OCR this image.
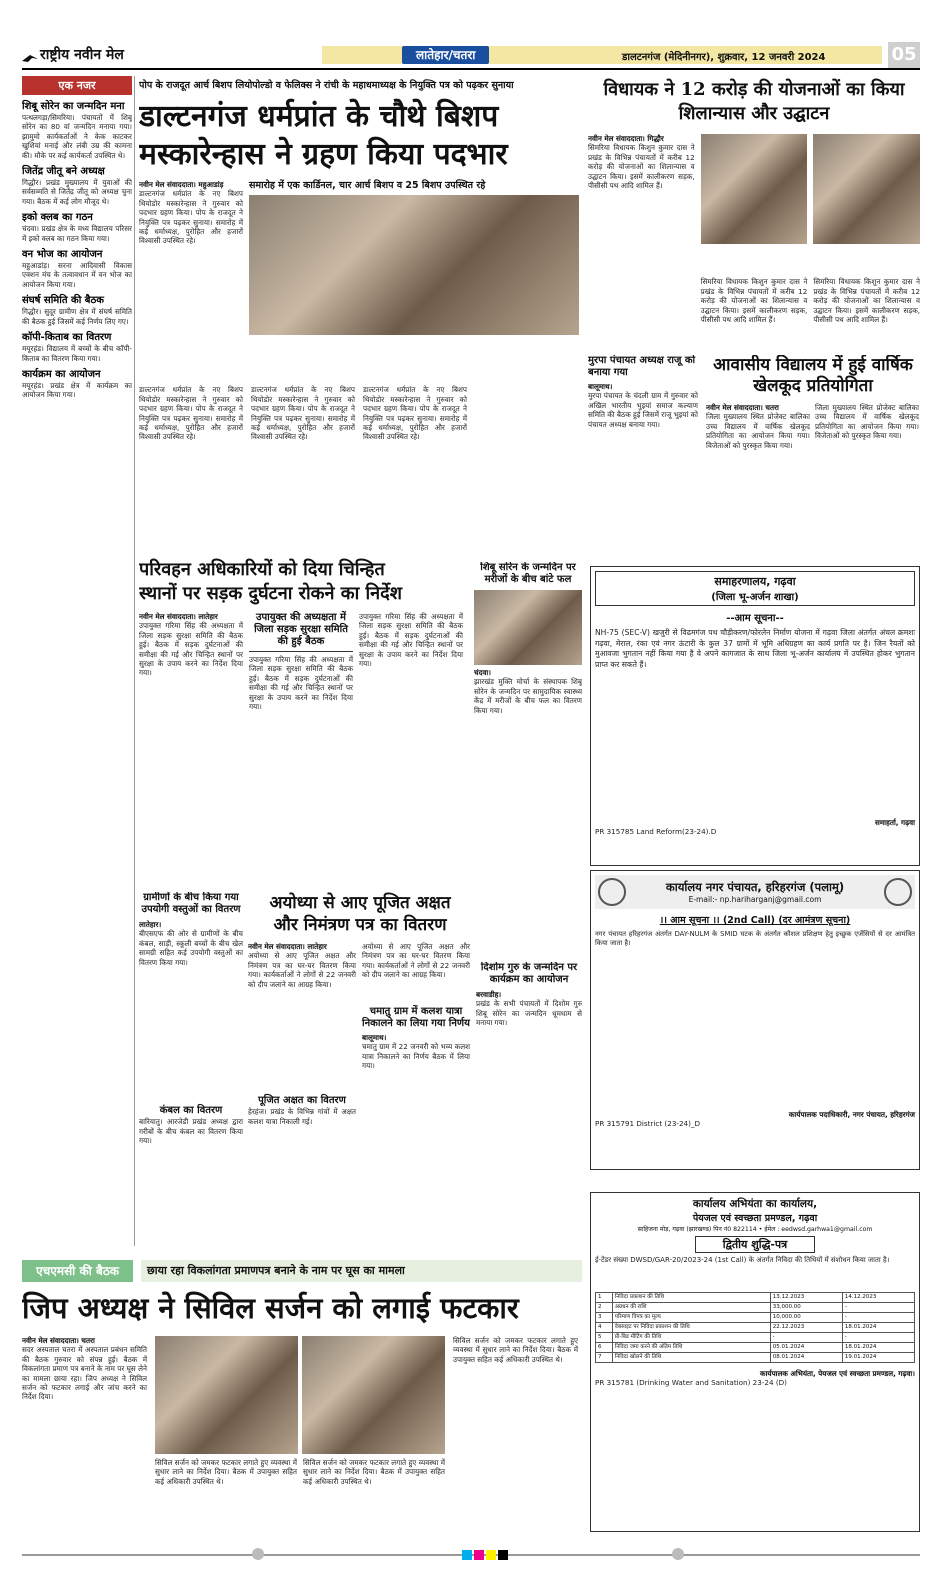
राष्ट्रीय नवीन मेल	लातेहार/चतरा	डालटनगंज (मेदिनीनगर), शुक्रवार, 12 जनवरी 2024	05
एक नजर
शिबू सोरेन का जन्मदिन मना
पत्थलगड़ा/सिमरिया। पंचायतों में शिबू सोरेन का 80 वां जन्मदिन मनाया गया। झामुमो कार्यकर्ताओं ने केक काटकर खुशियां मनाई और लंबी उम्र की कामना की। मौके पर कई कार्यकर्ता उपस्थित थे।
जितेंद्र जीतू बने अध्यक्ष
गिद्धौर। प्रखंड मुख्यालय में युवाओं की सर्वसम्मति से जितेंद्र जीतू को अध्यक्ष चुना गया। बैठक में कई लोग मौजूद थे।
इको क्लब का गठन
चंदवा। प्रखंड क्षेत्र के मध्य विद्यालय परिसर में इको क्लब का गठन किया गया।
वन भोज का आयोजन
महुआडांड़। सरना आदिवासी विकास एक्शन मंच के तत्वावधान में वन भोज का आयोजन किया गया।
संघर्ष समिति की बैठक
गिद्धौर। सुदूर ग्रामीण क्षेत्र में संघर्ष समिति की बैठक हुई जिसमें कई निर्णय लिए गए।
कॉपी-किताब का वितरण
मयूरहंड। विद्यालय में बच्चों के बीच कॉपी-किताब का वितरण किया गया।
कार्यक्रम का आयोजन
मयूरहंड। प्रखंड क्षेत्र में कार्यक्रम का आयोजन किया गया।
पोप के राजदूत आर्च बिशप लियोपोल्डो व फेलिक्स ने रांची के महाधमाध्यक्ष के नियुक्ति पत्र को पढ़कर सुनाया
डाल्टनगंज धर्मप्रांत के चौथे बिशप
मस्कारेन्हास ने ग्रहण किया पदभार
नवीन मेल संवाददाता। महुआडांड़
डाल्टनगंज धर्मप्रांत के नए बिशप थियोडोर मस्कारेन्हास ने गुरुवार को पदभार ग्रहण किया। पोप के राजदूत ने नियुक्ति पत्र पढ़कर सुनाया। समारोह में कई धर्माध्यक्ष, पुरोहित और हजारों विश्वासी उपस्थित रहे।
समारोह में एक कार्डिनल, चार आर्च बिशप व 25 बिशप उपस्थित रहे
डाल्टनगंज धर्मप्रांत के नए बिशप थियोडोर मस्कारेन्हास ने गुरुवार को पदभार ग्रहण किया। पोप के राजदूत ने नियुक्ति पत्र पढ़कर सुनाया। समारोह में कई धर्माध्यक्ष, पुरोहित और हजारों विश्वासी उपस्थित रहे।
डाल्टनगंज धर्मप्रांत के नए बिशप थियोडोर मस्कारेन्हास ने गुरुवार को पदभार ग्रहण किया। पोप के राजदूत ने नियुक्ति पत्र पढ़कर सुनाया। समारोह में कई धर्माध्यक्ष, पुरोहित और हजारों विश्वासी उपस्थित रहे।
डाल्टनगंज धर्मप्रांत के नए बिशप थियोडोर मस्कारेन्हास ने गुरुवार को पदभार ग्रहण किया। पोप के राजदूत ने नियुक्ति पत्र पढ़कर सुनाया। समारोह में कई धर्माध्यक्ष, पुरोहित और हजारों विश्वासी उपस्थित रहे।
विधायक ने 12 करोड़ की योजनाओं का किया शिलान्यास और उद्घाटन
नवीन मेल संवाददाता। गिद्धौर
सिमरिया विधायक किशुन कुमार दास ने प्रखंड के विभिन्न पंचायतों में करीब 12 करोड़ की योजनाओं का शिलान्यास व उद्घाटन किया। इसमें कालीकरण सड़क, पीसीसी पथ आदि शामिल हैं।
सिमरिया विधायक किशुन कुमार दास ने प्रखंड के विभिन्न पंचायतों में करीब 12 करोड़ की योजनाओं का शिलान्यास व उद्घाटन किया। इसमें कालीकरण सड़क, पीसीसी पथ आदि शामिल हैं।
सिमरिया विधायक किशुन कुमार दास ने प्रखंड के विभिन्न पंचायतों में करीब 12 करोड़ की योजनाओं का शिलान्यास व उद्घाटन किया। इसमें कालीकरण सड़क, पीसीसी पथ आदि शामिल हैं।
मुरपा पंचायत अध्यक्ष राजू को बनाया गया
बालूमाथ।
मुरपा पंचायत के चंदली ग्राम में गुरुवार को अखिल भारतीय भुइयां समाज कल्याण समिति की बैठक हुई जिसमें राजू भुइयां को पंचायत अध्यक्ष बनाया गया।
आवासीय विद्यालय में हुई वार्षिक खेलकूद प्रतियोगिता
नवीन मेल संवाददाता। चतरा
जिला मुख्यालय स्थित प्रोजेक्ट बालिका उच्च विद्यालय में वार्षिक खेलकूद प्रतियोगिता का आयोजन किया गया। विजेताओं को पुरस्कृत किया गया।
जिला मुख्यालय स्थित प्रोजेक्ट बालिका उच्च विद्यालय में वार्षिक खेलकूद प्रतियोगिता का आयोजन किया गया। विजेताओं को पुरस्कृत किया गया।
परिवहन अधिकारियों को दिया चिन्हित
स्थानों पर सड़क दुर्घटना रोकने का निर्देश
नवीन मेल संवाददाता। लातेहार
उपायुक्त गरिमा सिंह की अध्यक्षता में जिला सड़क सुरक्षा समिति की बैठक हुई। बैठक में सड़क दुर्घटनाओं की समीक्षा की गई और चिन्हित स्थानों पर सुरक्षा के उपाय करने का निर्देश दिया गया।
उपायुक्त की अध्यक्षता में जिला सड़क सुरक्षा समिति की हुई बैठक
उपायुक्त गरिमा सिंह की अध्यक्षता में जिला सड़क सुरक्षा समिति की बैठक हुई। बैठक में सड़क दुर्घटनाओं की समीक्षा की गई और चिन्हित स्थानों पर सुरक्षा के उपाय करने का निर्देश दिया गया।
उपायुक्त गरिमा सिंह की अध्यक्षता में जिला सड़क सुरक्षा समिति की बैठक हुई। बैठक में सड़क दुर्घटनाओं की समीक्षा की गई और चिन्हित स्थानों पर सुरक्षा के उपाय करने का निर्देश दिया गया।
शिबू सोरेन के जन्मदिन पर मरीजों के बीच बांटे फल
चंदवा।
झारखंड मुक्ति मोर्चा के संस्थापक शिबू सोरेन के जन्मदिन पर सामुदायिक स्वास्थ्य केंद्र में मरीजों के बीच फल का वितरण किया गया।
ग्रामीणों के बीच किया गया उपयोगी वस्तुओं का वितरण
लातेहार।
बीएसएफ की ओर से ग्रामीणों के बीच कंबल, साड़ी, स्कूली बच्चों के बीच खेल सामग्री सहित कई उपयोगी वस्तुओं का वितरण किया गया।
कंबल का वितरण
बारियातु। आरजेडी प्रखंड अध्यक्ष द्वारा गरीबों के बीच कंबल का वितरण किया गया।
अयोध्या से आए पूजित अक्षत
और निमंत्रण पत्र का वितरण
नवीन मेल संवाददाता। लातेहार
अयोध्या से आए पूजित अक्षत और निमंत्रण पत्र का घर-घर वितरण किया गया। कार्यकर्ताओं ने लोगों से 22 जनवरी को दीप जलाने का आग्रह किया।
पूजित अक्षत का वितरण
हेरहंज। प्रखंड के विभिन्न गांवों में अक्षत कलश यात्रा निकाली गई।
अयोध्या से आए पूजित अक्षत और निमंत्रण पत्र का घर-घर वितरण किया गया। कार्यकर्ताओं ने लोगों से 22 जनवरी को दीप जलाने का आग्रह किया।
चमातु ग्राम में कलश यात्रा निकालने का लिया गया निर्णय
बालूमाथ।
चमातु ग्राम में 22 जनवरी को भव्य कलश यात्रा निकालने का निर्णय बैठक में लिया गया।
दिशोम गुरु के जन्मदिन पर कार्यक्रम का आयोजन
बरवाडीह।
प्रखंड के सभी पंचायतों में दिशोम गुरु शिबू सोरेन का जन्मदिन धूमधाम से मनाया गया।
समाहरणालय, गढ़वा
(जिला भू-अर्जन शाखा)
--आम सूचना--
NH-75 (SEC-V) खजुरी से विढमगंज पथ चौड़ीकरण/फोरलेन निर्माण योजना में गढ़वा जिला अंतर्गत अंचल क्रमशः गढ़वा, मेराल, रंका एवं नगर ऊंटारी के कुल 37 ग्रामों में भूमि अधिग्रहण का कार्य प्रगति पर है। जिन रैयतों को मुआवजा भुगतान नहीं किया गया है वे अपने कागजात के साथ जिला भू-अर्जन कार्यालय में उपस्थित होकर भुगतान प्राप्त कर सकते हैं।
समाहर्ता, गढ़वा
PR 315785 Land Reform(23-24).D
कार्यालय नगर पंचायत, हरिहरगंज (पलामू)
E-mail:- np.hariharganj@gmail.com
।। आम सूचना ।। (2nd Call) (दर आमंत्रण सूचना)
नगर पंचायत हरिहरगंज अंतर्गत DAY-NULM के SMID घटक के अंतर्गत कौशल प्रशिक्षण हेतु इच्छुक एजेंसियों से दर आमंत्रित किया जाता है।
कार्यपालक पदाधिकारी, नगर पंचायत, हरिहरगंज
PR 315791 District (23-24)_D
कार्यालय अभियंता का कार्यालय,
पेयजल एवं स्वच्छता प्रमण्डल, गढ़वा
साहिजना मोड़, गढ़वा (झारखण्ड) पिन नं0 822114 • ईमेल : eedwsd.garhwa1@gmail.com
द्वितीय शुद्धि-पत्र
ई-टेंडर संख्या DWSD/GAR-20/2023-24 (1st Call) के अंतर्गत निविदा की तिथियों में संशोधन किया जाता है।
1	निविदा प्रकाशन की तिथि	13.12.2023	14.12.2023
2	अग्रधन की राशि	33,000.00	-
3	परिमाण विपत्र का मूल्य	10,000.00	-
4	वेबसाइट पर निविदा प्रकाशन की तिथि	22.12.2023	18.01.2024
5	प्री-बिड मीटिंग की तिथि	-	-
6	निविदा जमा करने की अंतिम तिथि	05.01.2024	18.01.2024
7	निविदा खोलने की तिथि	08.01.2024	19.01.2024
कार्यपालक अभियंता, पेयजल एवं स्वच्छता प्रमण्डल, गढ़वा।
PR 315781 (Drinking Water and Sanitation) 23-24 (D)
एचएमसी की बैठक	छाया रहा विकलांगता प्रमाणपत्र बनाने के नाम पर घूस का मामला
जिप अध्यक्ष ने सिविल सर्जन को लगाई फटकार
नवीन मेल संवाददाता। चतरा
सदर अस्पताल चतरा में अस्पताल प्रबंधन समिति की बैठक गुरुवार को संपन्न हुई। बैठक में विकलांगता प्रमाण पत्र बनाने के नाम पर घूस लेने का मामला छाया रहा। जिप अध्यक्ष ने सिविल सर्जन को फटकार लगाई और जांच करने का निर्देश दिया।
सिविल सर्जन को जमकर फटकार लगाते हुए व्यवस्था में सुधार लाने का निर्देश दिया। बैठक में उपायुक्त सहित कई अधिकारी उपस्थित थे।
सिविल सर्जन को जमकर फटकार लगाते हुए व्यवस्था में सुधार लाने का निर्देश दिया। बैठक में उपायुक्त सहित कई अधिकारी उपस्थित थे।
सिविल सर्जन को जमकर फटकार लगाते हुए व्यवस्था में सुधार लाने का निर्देश दिया। बैठक में उपायुक्त सहित कई अधिकारी उपस्थित थे।
